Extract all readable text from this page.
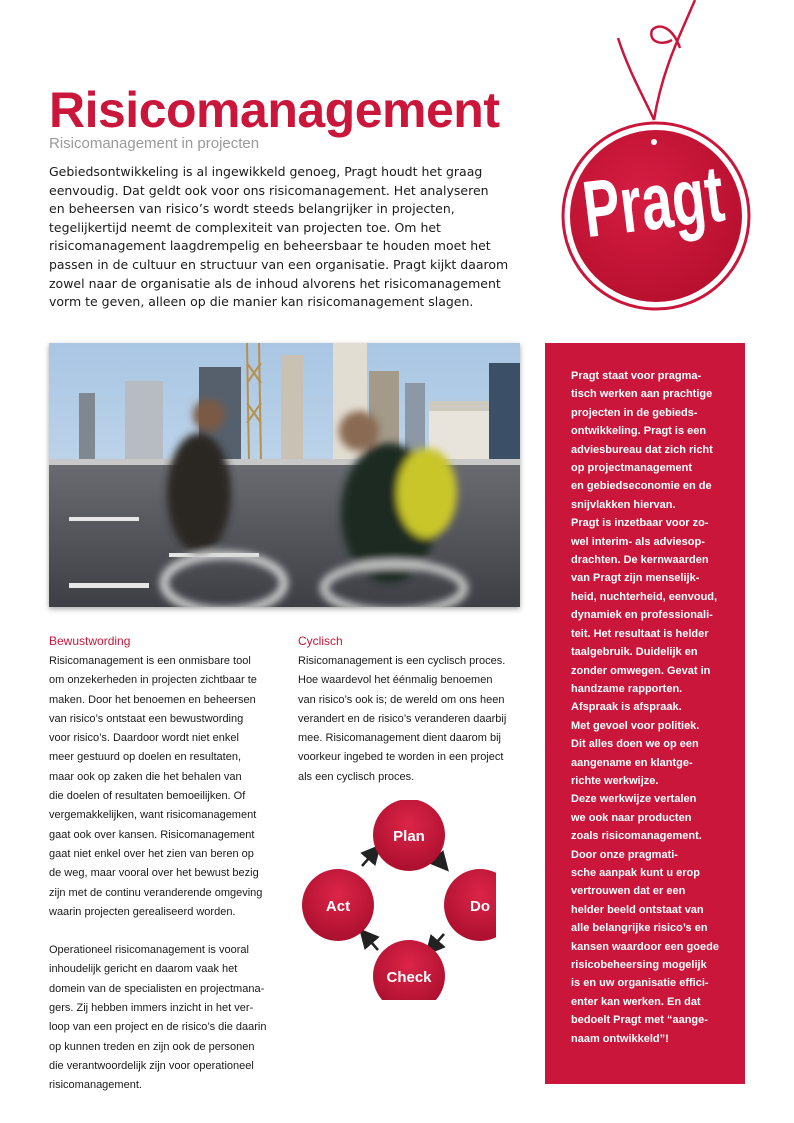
Risicomanagement
Risicomanagement in projecten

Gebiedsontwikkeling is al ingewikkeld genoeg, Pragt houdt het graag
eenvoudig. Dat geldt ook voor ons risicomanagement. Het analyseren
en beheersen van risico’s wordt steeds belangrijker in projecten,
tegelijkertijd neemt de complexiteit van projecten toe. Om het
risicomanagement laagdrempelig en beheersbaar te houden moet het
passen in de cultuur en structuur van een organisatie. Pragt kijkt daarom
zowel naar de organisatie als de inhoud alvorens het risicomanagement
vorm te geven, alleen op die manier kan risicomanagement slagen.

Pragt
Bewustwording

Risicomanagement is een onmisbare tool
om onzekerheden in projecten zichtbaar te
maken. Door het benoemen en beheersen
van risico’s ontstaat een bewustwording
voor risico’s. Daardoor wordt niet enkel
meer gestuurd op doelen en resultaten,
maar ook op zaken die het behalen van
die doelen of resultaten bemoeilijken. Of
vergemakkelijken, want risicomanagement
gaat ook over kansen. Risicomanagement
gaat niet enkel over het zien van beren op
de weg, maar vooral over het bewust bezig
zijn met de continu veranderende omgeving
waarin projecten gerealiseerd worden.

Operationeel risicomanagement is vooral
inhoudelijk gericht en daarom vaak het
domein van de specialisten en projectmana-
gers. Zij hebben immers inzicht in het ver-
loop van een project en de risico’s die daarin
op kunnen treden en zijn ook de personen
die verantwoordelijk zijn voor operationeel
risicomanagement.

Cyclisch

Risicomanagement is een cyclisch proces.
Hoe waardevol het éénmalig benoemen
van risico’s ook is; de wereld om ons heen
verandert en de risico’s veranderen daarbij
mee. Risicomanagement dient daarom bij
voorkeur ingebed te worden in een project
als een cyclisch proces.

Plan
Do
Check
Act

Pragt staat voor pragma-
tisch werken aan prachtige
projecten in de gebieds-
ontwikkeling. Pragt is een
adviesbureau dat zich richt
op projectmanagement
en gebiedseconomie en de
snijvlakken hiervan.
Pragt is inzetbaar voor zo-
wel interim- als adviesop-
drachten. De kernwaarden
van Pragt zijn menselijk-
heid, nuchterheid, eenvoud,
dynamiek en professionali-
teit. Het resultaat is helder
taalgebruik. Duidelijk en
zonder omwegen. Gevat in
handzame rapporten.
Afspraak is afspraak.
Met gevoel voor politiek.
Dit alles doen we op een
aangename en klantge-
richte werkwijze.
Deze werkwijze vertalen
we ook naar producten
zoals risicomanagement.
Door onze pragmati-
sche aanpak kunt u erop
vertrouwen dat er een
helder beeld ontstaat van
alle belangrijke risico’s en
kansen waardoor een goede
risicobeheersing mogelijk
is en uw organisatie effici-
enter kan werken. En dat
bedoelt Pragt met “aange-
naam ontwikkeld”!
